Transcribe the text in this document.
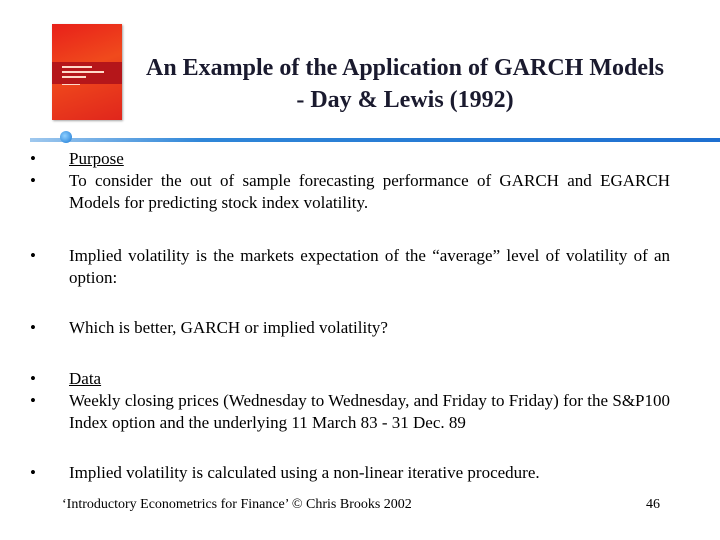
An Example of the Application of GARCH Models
- Day & Lewis (1992)
• Purpose
• To consider the out of sample forecasting performance of GARCH and EGARCH Models for predicting stock index volatility.
• Implied volatility is the markets expectation of the “average” level of volatility of an option:
• Which is better, GARCH or implied volatility?
• Data
• Weekly closing prices (Wednesday to Wednesday, and Friday to Friday) for the S&P100 Index option and the underlying 11 March 83 - 31 Dec. 89
• Implied volatility is calculated using a non-linear iterative procedure.
‘Introductory Econometrics for Finance’ © Chris Brooks 2002	46
